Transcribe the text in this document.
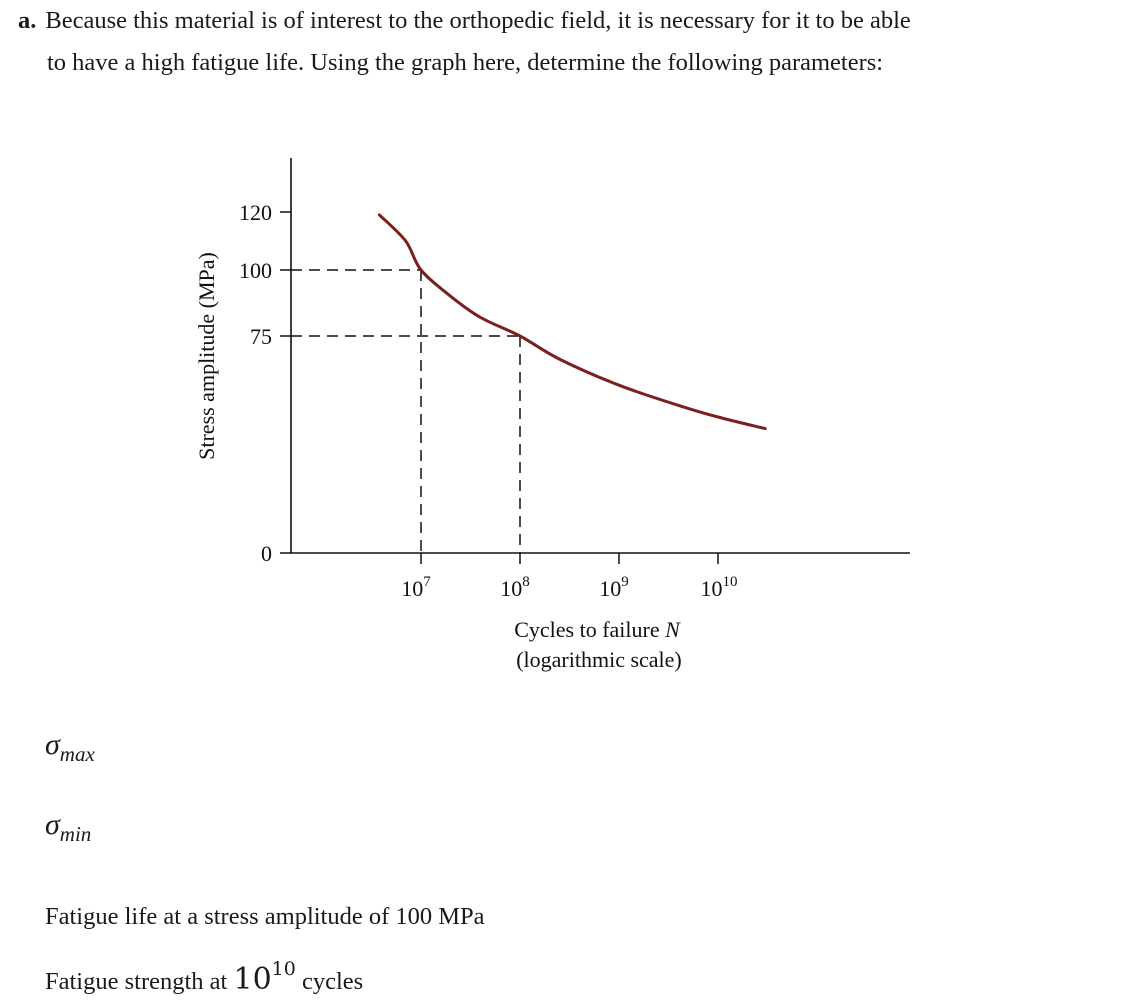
a. Because this material is of interest to the orthopedic field, it is necessary for it to be able
to have a high fatigue life. Using the graph here, determine the following parameters:
120
100
75
0
$10^7$	$10^8$	$10^9$	$10^{10}$
Stress amplitude (MPa)
Cycles to failure N
(logarithmic scale)
$\sigma_{max}$
$\sigma_{min}$
Fatigue life at a stress amplitude of 100 MPa
Fatigue strength at $10^{10}$ cycles
